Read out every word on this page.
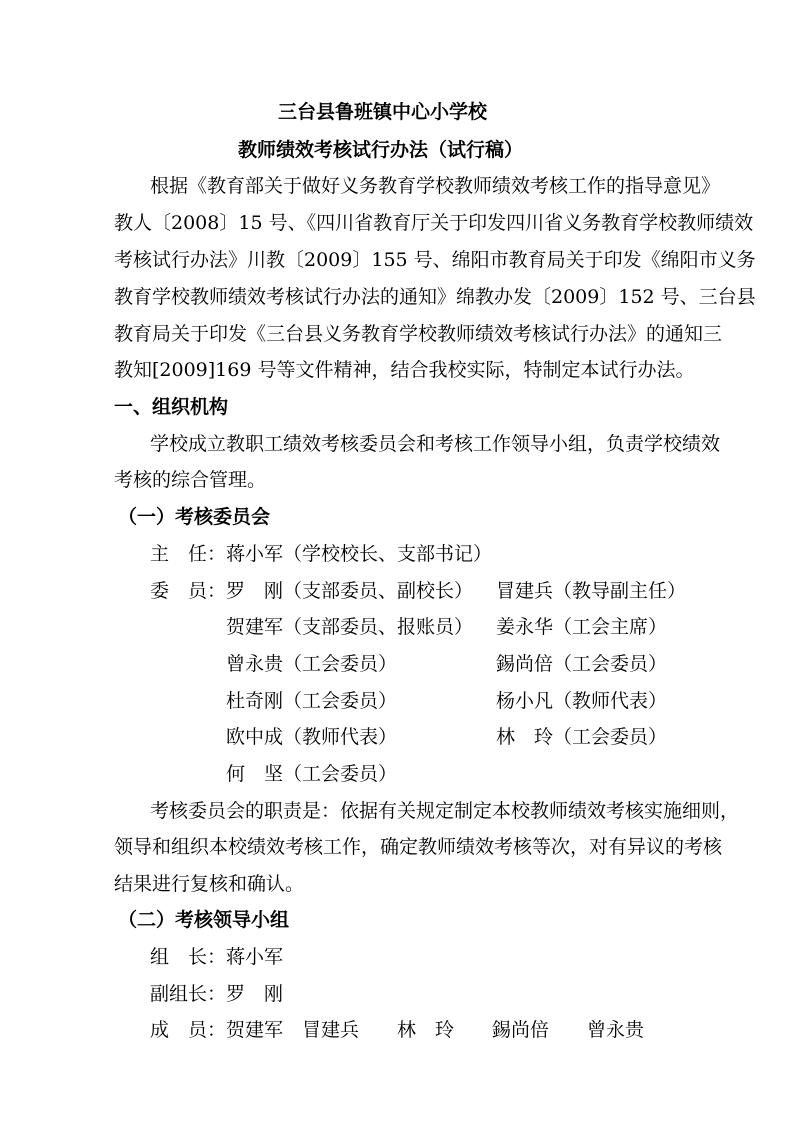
三台县鲁班镇中心小学校
教师绩效考核试行办法（试行稿）
根据《教育部关于做好义务教育学校教师绩效考核工作的指导意见》
教人〔2008〕15 号、《四川省教育厅关于印发四川省义务教育学校教师绩效
考核试行办法》川教〔2009〕155 号、绵阳市教育局关于印发《绵阳市义务
教育学校教师绩效考核试行办法的通知》绵教办发〔2009〕152 号、三台县
教育局关于印发《三台县义务教育学校教师绩效考核试行办法》的通知三
教知[2009]169 号等文件精神，结合我校实际，特制定本试行办法。
一、组织机构
学校成立教职工绩效考核委员会和考核工作领导小组，负责学校绩效
考核的综合管理。
（一）考核委员会
主　任：蒋小军（学校校长、支部书记）
委　员： 罗　刚（支部委员、副校长）
贺建军（支部委员、报账员）
曾永贵（工会委员）
杜奇刚（工会委员）
欧中成（教师代表）
何　坚（工会委员）
冒建兵（教导副主任）
姜永华（工会主席）
錫尚倍（工会委员）
杨小凡（教师代表）
林　玲（工会委员）
考核委员会的职责是：依据有关规定制定本校教师绩效考核实施细则，
领导和组织本校绩效考核工作，确定教师绩效考核等次，对有异议的考核
结果进行复核和确认。
（二）考核领导小组
组　长：蒋小军
副组长：罗　刚
成　员：贺建军　冒建兵　　林　玲　　錫尚倍　　曾永贵
